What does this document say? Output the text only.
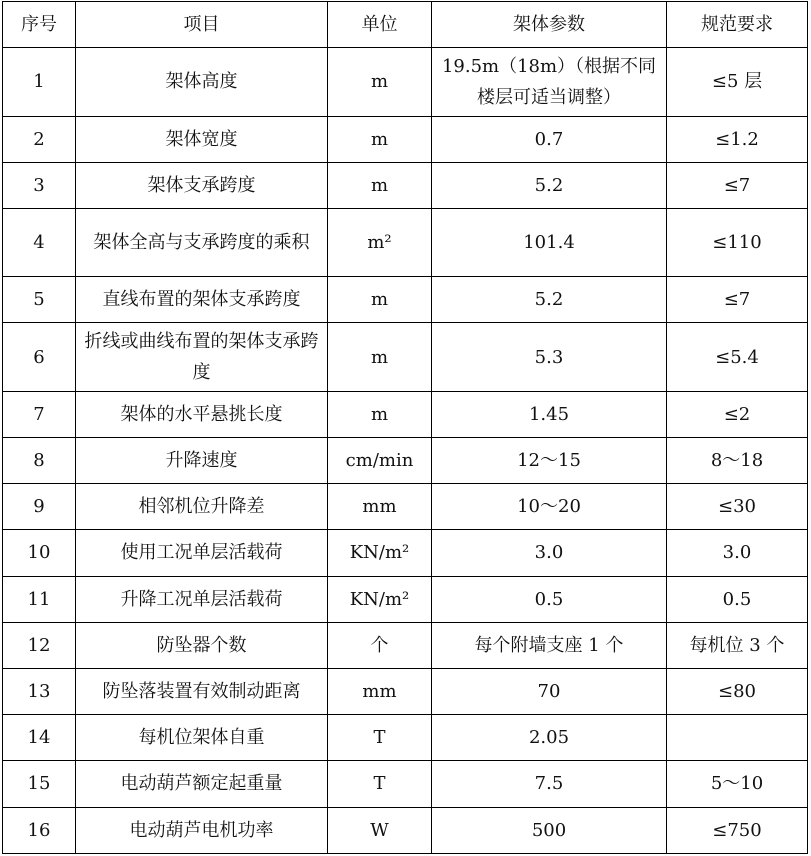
序号	项目	单位	架体参数	规范要求
1	架体高度	m	19.5m（18m）（根据不同楼层可适当调整）	≤5 层
2	架体宽度	m	0.7	≤1.2
3	架体支承跨度	m	5.2	≤7
4	架体全高与支承跨度的乘积	m²	101.4	≤110
5	直线布置的架体支承跨度	m	5.2	≤7
6	折线或曲线布置的架体支承跨度	m	5.3	≤5.4
7	架体的水平悬挑长度	m	1.45	≤2
8	升降速度	cm/min	12～15	8～18
9	相邻机位升降差	mm	10～20	≤30
10	使用工况单层活载荷	KN/m²	3.0	3.0
11	升降工况单层活载荷	KN/m²	0.5	0.5
12	防坠器个数	个	每个附墙支座 1 个	每机位 3 个
13	防坠落装置有效制动距离	mm	70	≤80
14	每机位架体自重	T	2.05	
15	电动葫芦额定起重量	T	7.5	5～10
16	电动葫芦电机功率	W	500	≤750
